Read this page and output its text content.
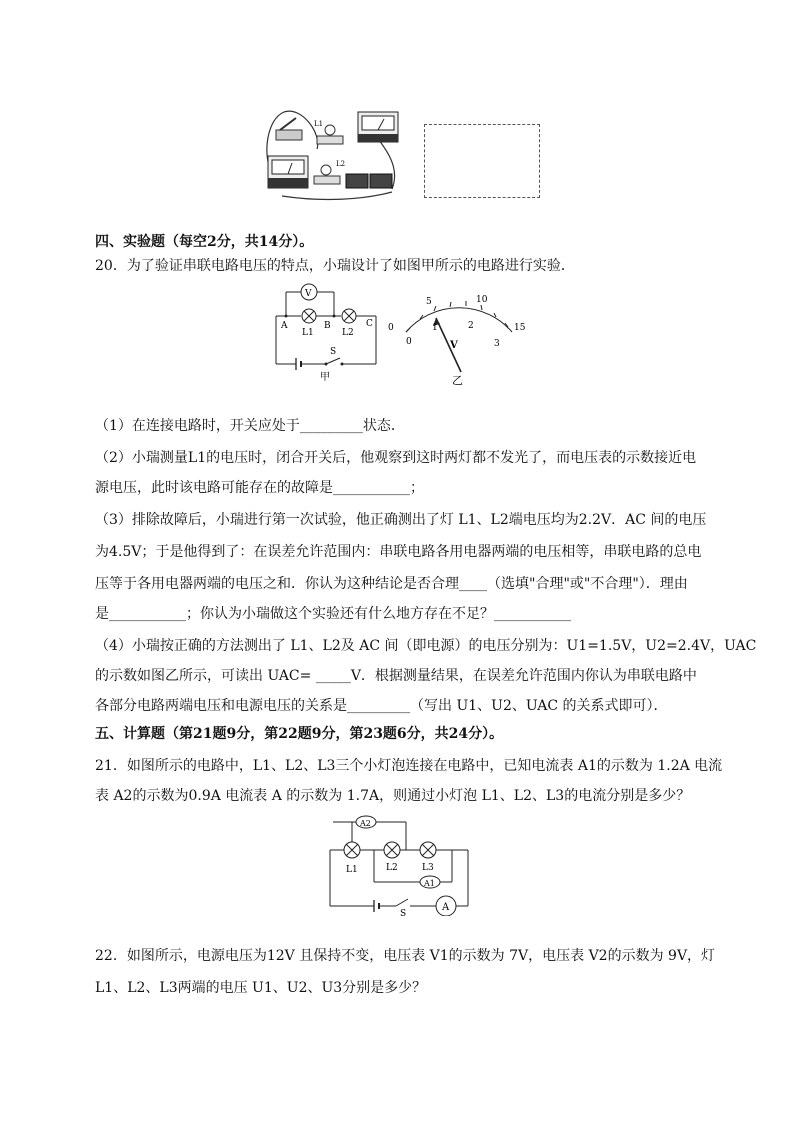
L1
L2
四、实验题（每空2分，共14分）。
20．为了验证串联电路电压的特点，小瑞设计了如图甲所示的电路进行实验．
V
A	B	C
L1	L2
S
甲
0
5	10
15
0
1	2
3
V
乙
（1）在连接电路时，开关应处于_________状态．
（2）小瑞测量L1的电压时，闭合开关后，他观察到这时两灯都不发光了，而电压表的示数接近电
源电压，此时该电路可能存在的故障是___________；
（3）排除故障后，小瑞进行第一次试验，他正确测出了灯 L1、L2端电压均为2.2V．AC 间的电压
为4.5V；于是他得到了：在误差允许范围内：串联电路各用电器两端的电压相等，串联电路的总电
压等于各用电器两端的电压之和．你认为这种结论是否合理____（选填"合理"或"不合理"）．理由
是___________；你认为小瑞做这个实验还有什么地方存在不足？___________
（4）小瑞按正确的方法测出了 L1、L2及 AC 间（即电源）的电压分别为：U1=1.5V，U2=2.4V，UAC
的示数如图乙所示，可读出 UAC= _____V．根据测量结果，在误差允许范围内你认为串联电路中
各部分电路两端电压和电源电压的关系是_________（写出 U1、U2、UAC 的关系式即可）．
五、计算题（第21题9分，第22题9分，第23题6分，共24分）。
21．如图所示的电路中，L1、L2、L3三个小灯泡连接在电路中，已知电流表 A1的示数为 1.2A 电流
表 A2的示数为0.9A 电流表 A 的示数为 1.7A，则通过小灯泡 L1、L2、L3的电流分别是多少？
A2
A1
A
L1	L2	L3
S
22．如图所示，电源电压为12V 且保持不变，电压表 V1的示数为 7V，电压表 V2的示数为 9V，灯
L1、L2、L3两端的电压 U1、U2、U3分别是多少？
